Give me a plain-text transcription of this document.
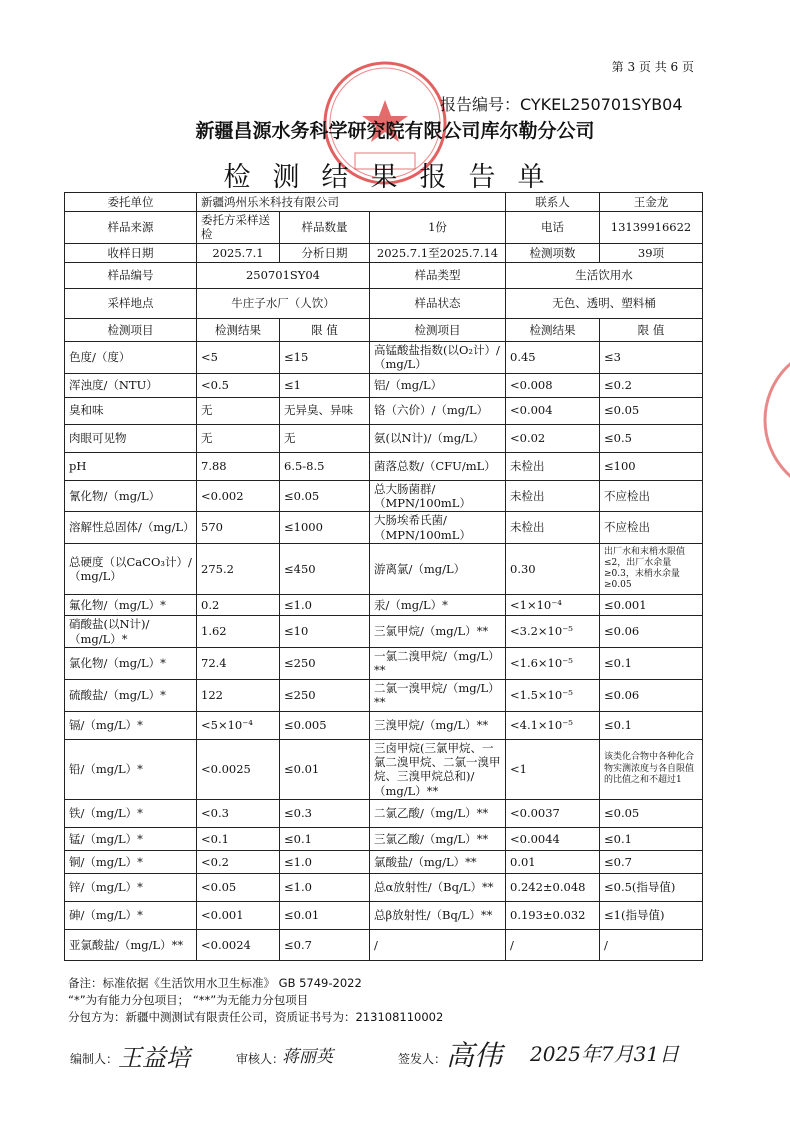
第 3 页 共 6 页
报告编号：CYKEL250701SYB04
新疆昌源水务科学研究院有限公司库尔勒分公司
检测结果报告单
委托单位	新疆鸿州乐米科技有限公司			联系人	王金龙
样品来源	委托方采样送检	样品数量	1份	电话	13139916622
收样日期	2025.7.1	分析日期	2025.7.1至2025.7.14	检测项数	39项
样品编号	250701SY04		样品类型	生活饮用水	
采样地点	牛庄子水厂（人饮）		样品状态	无色、透明、塑料桶	
检测项目	检测结果	限 值	检测项目	检测结果	限 值
色度/（度）	<5	≤15	高锰酸盐指数(以O₂计）/（mg/L）	0.45	≤3
浑浊度/（NTU）	<0.5	≤1	铝/（mg/L）	<0.008	≤0.2
臭和味	无	无异臭、异味	铬（六价）/（mg/L）	<0.004	≤0.05
肉眼可见物	无	无	氨(以N计)/（mg/L）	<0.02	≤0.5
pH	7.88	6.5-8.5	菌落总数/（CFU/mL）	未检出	≤100
氰化物/（mg/L）	<0.002	≤0.05	总大肠菌群/（MPN/100mL）	未检出	不应检出
溶解性总固体/（mg/L）	570	≤1000	大肠埃希氏菌/（MPN/100mL）	未检出	不应检出
总硬度（以CaCO₃计）/（mg/L）	275.2	≤450	游离氯/（mg/L）	0.30	出厂水和末梢水限值≤2，出厂水余量≥0.3，末梢水余量≥0.05
氟化物/（mg/L）*	0.2	≤1.0	汞/（mg/L）*	<1×10⁻⁴	≤0.001
硝酸盐(以N计)/（mg/L）*	1.62	≤10	三氯甲烷/（mg/L）**	<3.2×10⁻⁵	≤0.06
氯化物/（mg/L）*	72.4	≤250	一氯二溴甲烷/（mg/L）**	<1.6×10⁻⁵	≤0.1
硫酸盐/（mg/L）*	122	≤250	二氯一溴甲烷/（mg/L）**	<1.5×10⁻⁵	≤0.06
镉/（mg/L）*	<5×10⁻⁴	≤0.005	三溴甲烷/（mg/L）**	<4.1×10⁻⁵	≤0.1
铅/（mg/L）*	<0.0025	≤0.01	三卤甲烷(三氯甲烷、一氯二溴甲烷、二氯一溴甲烷、三溴甲烷总和)/（mg/L）**	<1	该类化合物中各种化合物实测浓度与各自限值的比值之和不超过1
铁/（mg/L）*	<0.3	≤0.3	二氯乙酸/（mg/L）**	<0.0037	≤0.05
锰/（mg/L）*	<0.1	≤0.1	三氯乙酸/（mg/L）**	<0.0044	≤0.1
铜/（mg/L）*	<0.2	≤1.0	氯酸盐/（mg/L）**	0.01	≤0.7
锌/（mg/L）*	<0.05	≤1.0	总α放射性/（Bq/L）**	0.242±0.048	≤0.5(指导值)
砷/（mg/L）*	<0.001	≤0.01	总β放射性/（Bq/L）**	0.193±0.032	≤1(指导值)
亚氯酸盐/（mg/L）**	<0.0024	≤0.7	/	/	/
备注：标准依据《生活饮用水卫生标准》 GB 5749-2022
“*”为有能力分包项目； “**”为无能力分包项目
分包方为：新疆中测测试有限责任公司，资质证书号为：213108110002
编制人： 王益培	审核人：
蒋丽英	签发人： 高伟 2025年7月31日
